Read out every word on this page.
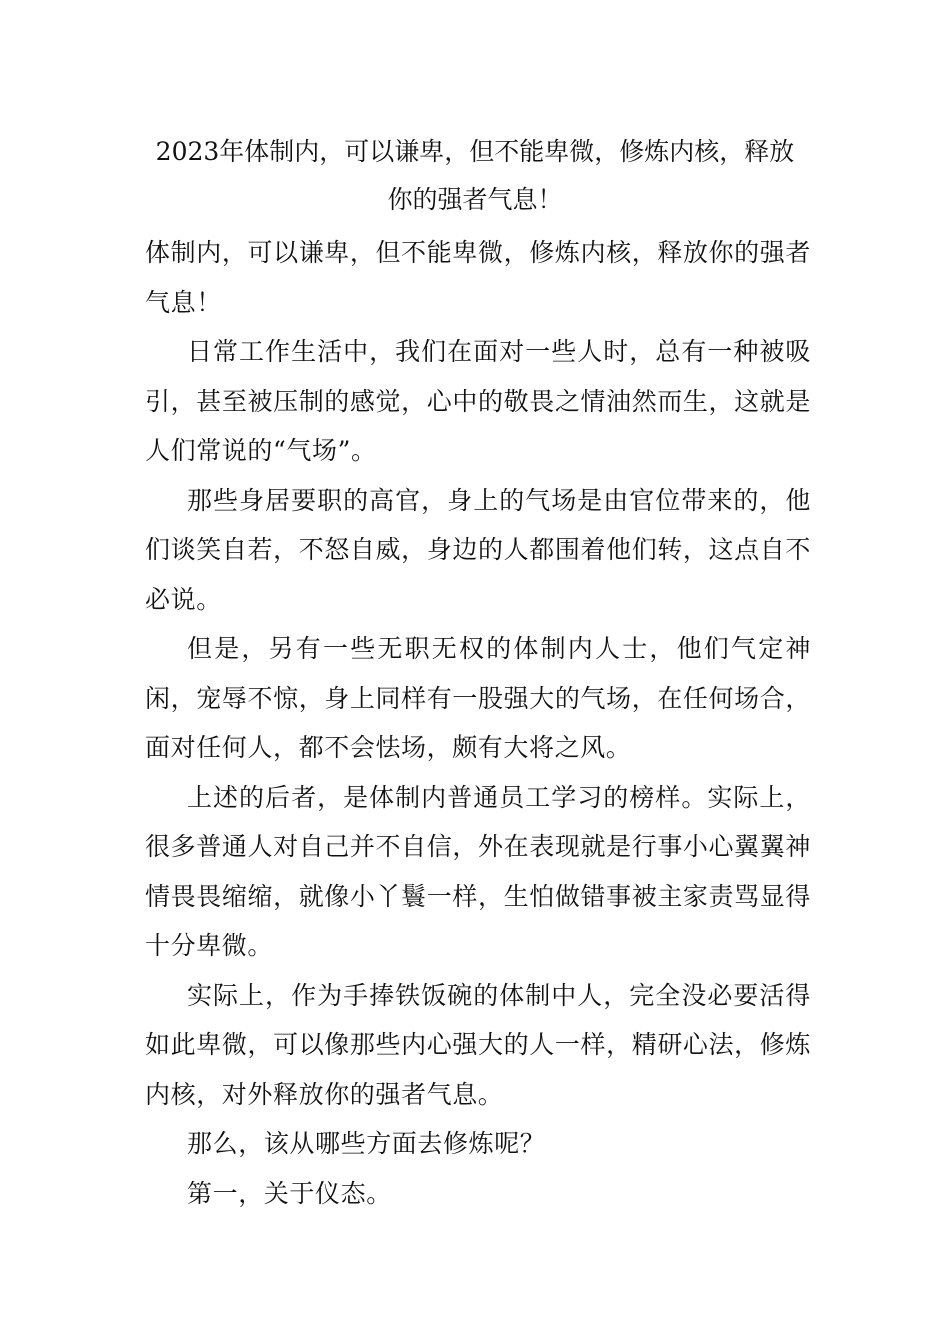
2023年体制内，可以谦卑，但不能卑微，修炼内核，释放
你的强者气息！

体制内，可以谦卑，但不能卑微，修炼内核，释放你的强者气息！

日常工作生活中，我们在面对一些人时，总有一种被吸引，甚至被压制的感觉，心中的敬畏之情油然而生，这就是人们常说的“气场”。

那些身居要职的高官，身上的气场是由官位带来的，他们谈笑自若，不怒自威，身边的人都围着他们转，这点自不必说。

但是，另有一些无职无权的体制内人士，他们气定神闲，宠辱不惊，身上同样有一股强大的气场，在任何场合，面对任何人，都不会怯场，颇有大将之风。

上述的后者，是体制内普通员工学习的榜样。实际上，很多普通人对自己并不自信，外在表现就是行事小心翼翼神情畏畏缩缩，就像小丫鬟一样，生怕做错事被主家责骂显得十分卑微。

实际上，作为手捧铁饭碗的体制中人，完全没必要活得如此卑微，可以像那些内心强大的人一样，精研心法，修炼内核，对外释放你的强者气息。

那么，该从哪些方面去修炼呢？

第一，关于仪态。
